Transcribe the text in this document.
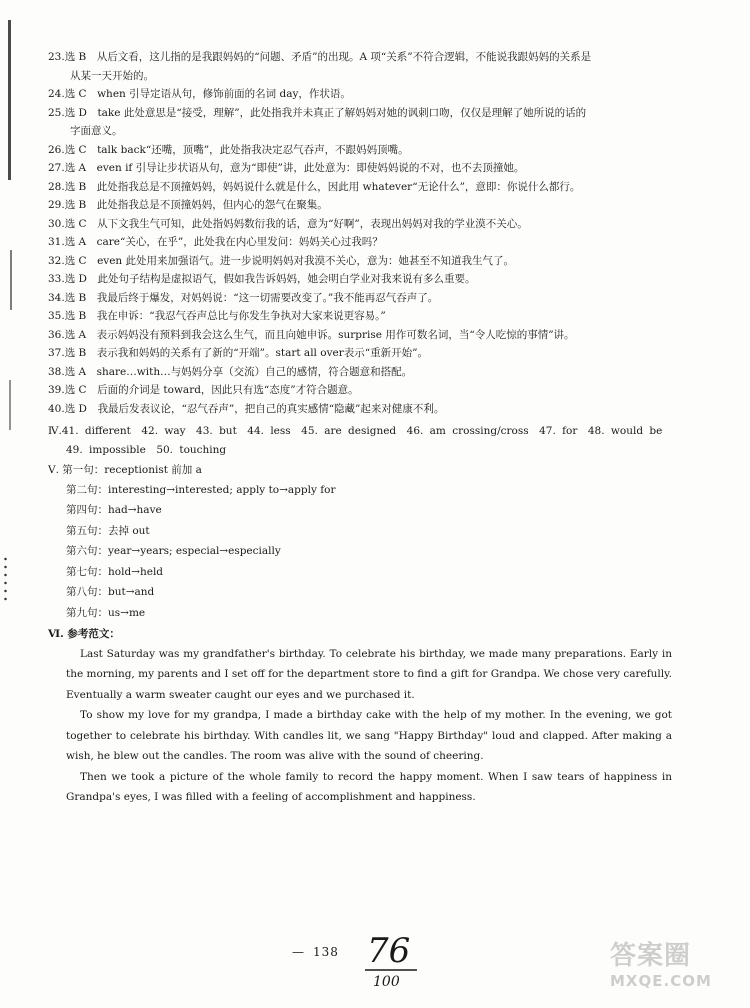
23.选 B　从后文看，这儿指的是我跟妈妈的“问题、矛盾”的出现。A 项“关系”不符合逻辑，不能说我跟妈妈的关系是

从某一天开始的。

24.选 C　when 引导定语从句，修饰前面的名词 day，作状语。

25.选 D　take 此处意思是“接受，理解”，此处指我并未真正了解妈妈对她的讽刺口吻，仅仅是理解了她所说的话的

字面意义。

26.选 C　talk back“还嘴，顶嘴”，此处指我决定忍气吞声，不跟妈妈顶嘴。

27.选 A　even if 引导让步状语从句，意为“即使”讲，此处意为：即使妈妈说的不对，也不去顶撞她。

28.选 B　此处指我总是不顶撞妈妈，妈妈说什么就是什么，因此用 whatever“无论什么”，意即：你说什么都行。

29.选 B　此处指我总是不顶撞妈妈，但内心的怨气在聚集。

30.选 C　从下文我生气可知，此处指妈妈数衍我的话，意为“好啊”，表现出妈妈对我的学业漠不关心。

31.选 A　care“关心，在乎”，此处我在内心里发问：妈妈关心过我吗？

32.选 C　even 此处用来加强语气。进一步说明妈妈对我漠不关心，意为：她甚至不知道我生气了。

33.选 D　此处句子结构是虚拟语气，假如我告诉妈妈，她会明白学业对我来说有多么重要。

34.选 B　我最后终于爆发，对妈妈说：“这一切需要改变了。”我不能再忍气吞声了。

35.选 B　我在申诉：“我忍气吞声总比与你发生争执对大家来说更容易。”

36.选 A　表示妈妈没有预料到我会这么生气，而且向她申诉。surprise 用作可数名词，当“令人吃惊的事情”讲。

37.选 B　表示我和妈妈的关系有了新的“开端”。start all over表示“重新开始”。

38.选 A　share…with…与妈妈分享（交流）自己的感情，符合题意和搭配。

39.选 C　后面的介词是 toward，因此只有选“态度”才符合题意。

40.选 D　我最后发表议论，“忍气吞声”，把自己的真实感情“隐藏”起来对健康不利。

Ⅳ.41. different　42. way　43. but　44. less　45. are designed　46. am crossing/cross　47. for　48. would be

49. impossible　50. touching

Ⅴ. 第一句：receptionist 前加 a

第二句：interesting→interested; apply to→apply for

第四句：had→have

第五句：去掉 out

第六句：year→years; especial→especially

第七句：hold→held

第八句：but→and

第九句：us→me

Ⅵ. 参考范文：

Last Saturday was my grandfather's birthday. To celebrate his birthday, we made many preparations. Early in the morning, my parents and I set off for the department store to find a gift for Grandpa. We chose very carefully. Eventually a warm sweater caught our eyes and we purchased it.

To show my love for my grandpa, I made a birthday cake with the help of my mother. In the evening, we got together to celebrate his birthday. With candles lit, we sang "Happy Birthday" loud and clapped. After making a wish, he blew out the candles. The room was alive with the sound of cheering.

Then we took a picture of the whole family to record the happy moment. When I saw tears of happiness in Grandpa's eyes, I was filled with a feeling of accomplishment and happiness.

— 138 76
100
答案圈
MXQE.COM
